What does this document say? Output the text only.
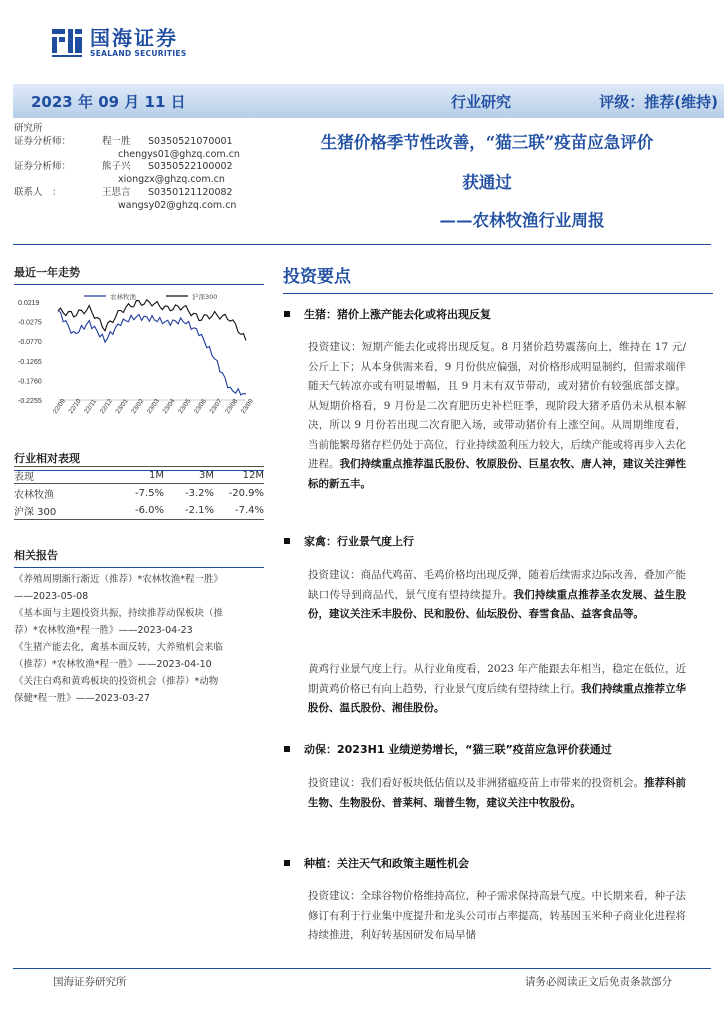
国海证券
SEALAND SECURITIES
2023 年 09 月 11 日	行业研究	评级：推荐(维持)
研究所
证券分析师：	程一胜	S0350521070001
chengys01@ghzq.com.cn
证券分析师：	熊子兴	S0350522100002
xiongzx@ghzq.com.cn
联系人　：	王思言	S0350121120082
wangsy02@ghzq.com.cn
生猪价格季节性改善，“猫三联”疫苗应急评价
获通过
——农林牧渔行业周报
最近一年走势
0.0219
-0.0275
-0.0770
-0.1265
-0.1760
-0.2255 22/09 22/10 22/11 22/12 23/01 23/02 23/03 23/04 23/05 23/06 23/07 23/08 23/09
农林牧渔	沪深300
行业相对表现
表现	1M	3M	12M
农林牧渔	-7.5%	-3.2%	-20.9%
沪深 300	-6.0%	-2.1%	-7.4%
相关报告
《养殖周期渐行渐近（推荐）*农林牧渔*程一胜》
——2023-05-08
《基本面与主题投资共振，持续推荐动保板块（推
荐）*农林牧渔*程一胜》——2023-04-23
《生猪产能去化，禽基本面反转，大养殖机会来临
（推荐）*农林牧渔*程一胜》——2023-04-10
《关注白鸡和黄鸡板块的投资机会（推荐）*动物
保健*程一胜》——2023-03-27
投资要点
生猪：猪价上涨产能去化或将出现反复
投资建议：短期产能去化或将出现反复。8 月猪价趋势震荡向上，维持在 17 元/公斤上下；从本身供需来看，9 月份供应偏强，对价格形成明显制约，但需求端伴随天气转凉亦或有明显增幅，且 9 月末有双节带动，或对猪价有较强底部支撑。从短期价格看，9 月份是二次育肥历史补栏旺季，现阶段大猪矛盾仍未从根本解决，所以 9 月份若出现二次育肥入场，或带动猪价有上涨空间。从周期维度看，当前能繁母猪存栏仍处于高位，行业持续盈利压力较大，后续产能或将再步入去化进程。我们持续重点推荐温氏股份、牧原股份、巨星农牧、唐人神，建议关注弹性标的新五丰。
家禽：行业景气度上行
投资建议：商品代鸡苗、毛鸡价格均出现反弹，随着后续需求边际改善，叠加产能缺口传导到商品代，景气度有望持续提升。我们持续重点推荐圣农发展、益生股份，建议关注禾丰股份、民和股份、仙坛股份、春雪食品、益客食品等。
黄鸡行业景气度上行。从行业角度看，2023 年产能跟去年相当，稳定在低位，近期黄鸡价格已有向上趋势，行业景气度后续有望持续上行。我们持续重点推荐立华股份、温氏股份、湘佳股份。
动保：2023H1 业绩逆势增长，“猫三联”疫苗应急评价获通过
投资建议：我们看好板块低估值以及非洲猪瘟疫苗上市带来的投资机会。推荐科前生物、生物股份、普莱柯、瑞普生物，建议关注中牧股份。
种植：关注天气和政策主题性机会
投资建议：全球谷物价格维持高位，种子需求保持高景气度。中长期来看，种子法修订有利于行业集中度提升和龙头公司市占率提高，转基因玉米种子商业化进程将持续推进，利好转基因研发布局早储
国海证券研究所	请务必阅读正文后免责条款部分
